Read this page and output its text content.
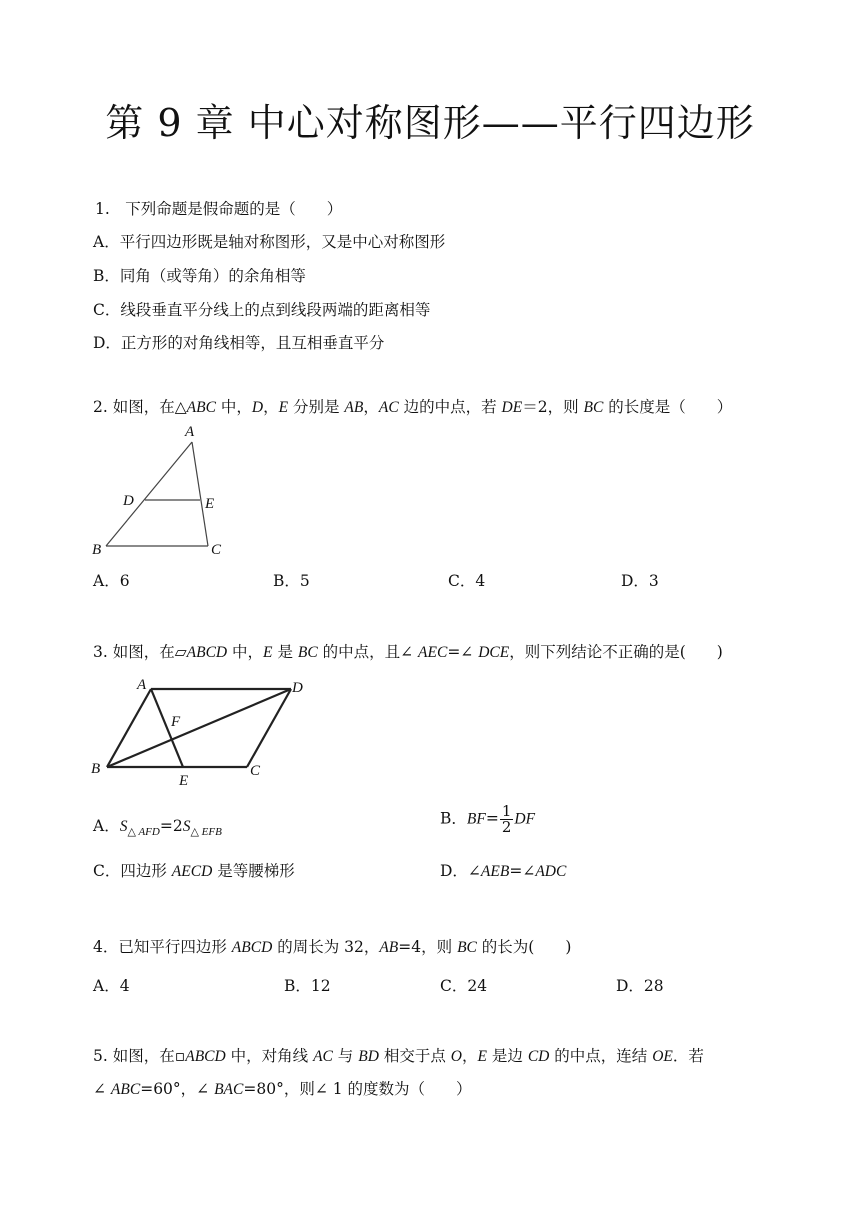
第 9 章 中心对称图形——平行四边形
1.　下列命题是假命题的是（　　）
A．平行四边形既是轴对称图形，又是中心对称图形
B．同角（或等角）的余角相等
C．线段垂直平分线上的点到线段两端的距离相等
D．正方形的对角线相等，且互相垂直平分
2. 如图，在△ABC 中，D，E 分别是 AB，AC 边的中点，若 DE＝2，则 BC 的长度是（　　）
A
D	E
B	C
A．6	B．5	C．4	D．3
3. 如图，在▱ABCD 中，E 是 BC 的中点，且∠ AEC=∠ DCE，则下列结论不正确的是(　　)
A	D
F
B
E
C
A．$S_{\triangle AFD}=2S_{\triangle EFB}$
B．$BF= \frac{1}{2}$ DF
C．四边形 AECD 是等腰梯形	D．∠AEB=∠ADC
4．已知平行四边形 ABCD 的周长为 32，AB=4，则 BC 的长为(　　)
A．4	B．12	C．24	D．28
5. 如图，在▫ABCD 中，对角线 AC 与 BD 相交于点 O，E 是边 CD 的中点，连结 OE．若
∠ ABC=60°，∠ BAC=80°，则∠ 1 的度数为（　　）
